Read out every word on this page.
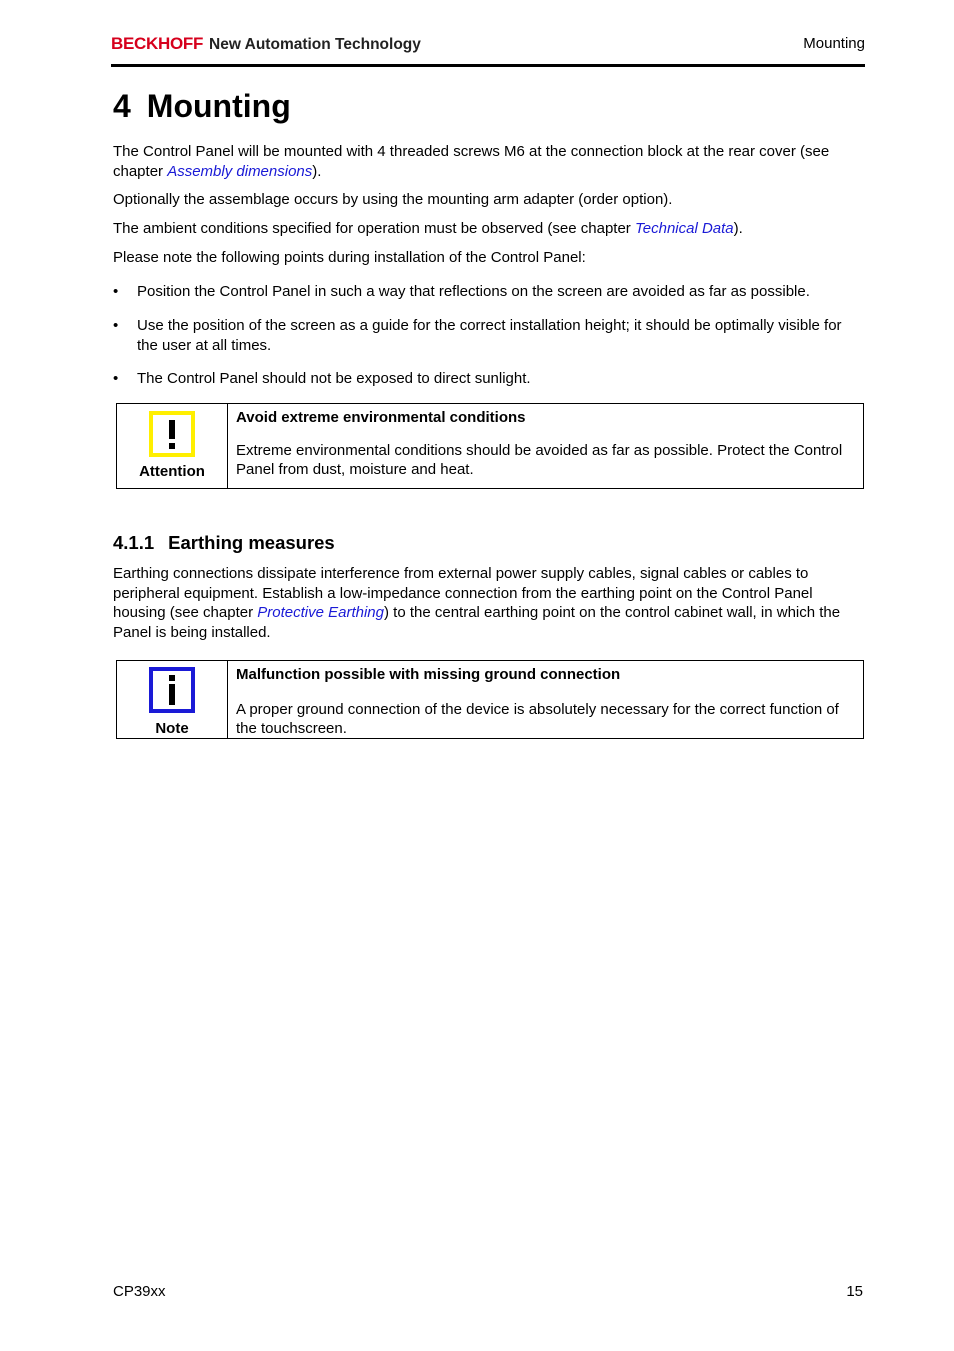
BECKHOFF New Automation Technology	Mounting
4 Mounting

The Control Panel will be mounted with 4 threaded screws M6 at the connection block at the rear cover (see chapter Assembly dimensions).

Optionally the assemblage occurs by using the mounting arm adapter (order option).

The ambient conditions specified for operation must be observed (see chapter Technical Data).

Please note the following points during installation of the Control Panel:

• Position the Control Panel in such a way that reflections on the screen are avoided as far as possible.
• Use the position of the screen as a guide for the correct installation height; it should be optimally visible for the user at all times.
• The Control Panel should not be exposed to direct sunlight.
Attention
Avoid extreme environmental conditions
Extreme environmental conditions should be avoided as far as possible. Protect the Control Panel from dust, moisture and heat.
4.1.1 Earthing measures

Earthing connections dissipate interference from external power supply cables, signal cables or cables to peripheral equipment. Establish a low-impedance connection from the earthing point on the Control Panel housing (see chapter Protective Earthing) to the central earthing point on the control cabinet wall, in which the Panel is being installed.

Note
Malfunction possible with missing ground connection
A proper ground connection of the device is absolutely necessary for the correct function of the touchscreen.
CP39xx	15
